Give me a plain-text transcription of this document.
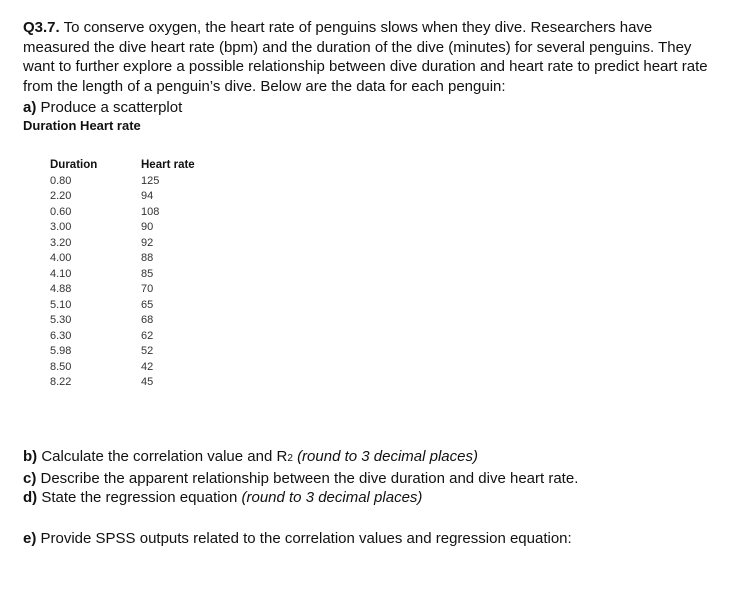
Q3.7. To conserve oxygen, the heart rate of penguins slows when they dive. Researchers have measured the dive heart rate (bpm) and the duration of the dive (minutes) for several penguins. They want to further explore a possible relationship between dive duration and heart rate to predict heart rate from the length of a penguin’s dive. Below are the data for each penguin:

a) Produce a scatterplot

Duration Heart rate

Duration	Heart rate
0.80	125
2.20	94
0.60	108
3.00	90
3.20	92
4.00	88
4.10	85
4.88	70
5.10	65
5.30	68
6.30	62
5.98	52
8.50	42
8.22	45

b) Calculate the correlation value and R2 (round to 3 decimal places)

c) Describe the apparent relationship between the dive duration and dive heart rate.

d) State the regression equation (round to 3 decimal places)

e) Provide SPSS outputs related to the correlation values and regression equation:
